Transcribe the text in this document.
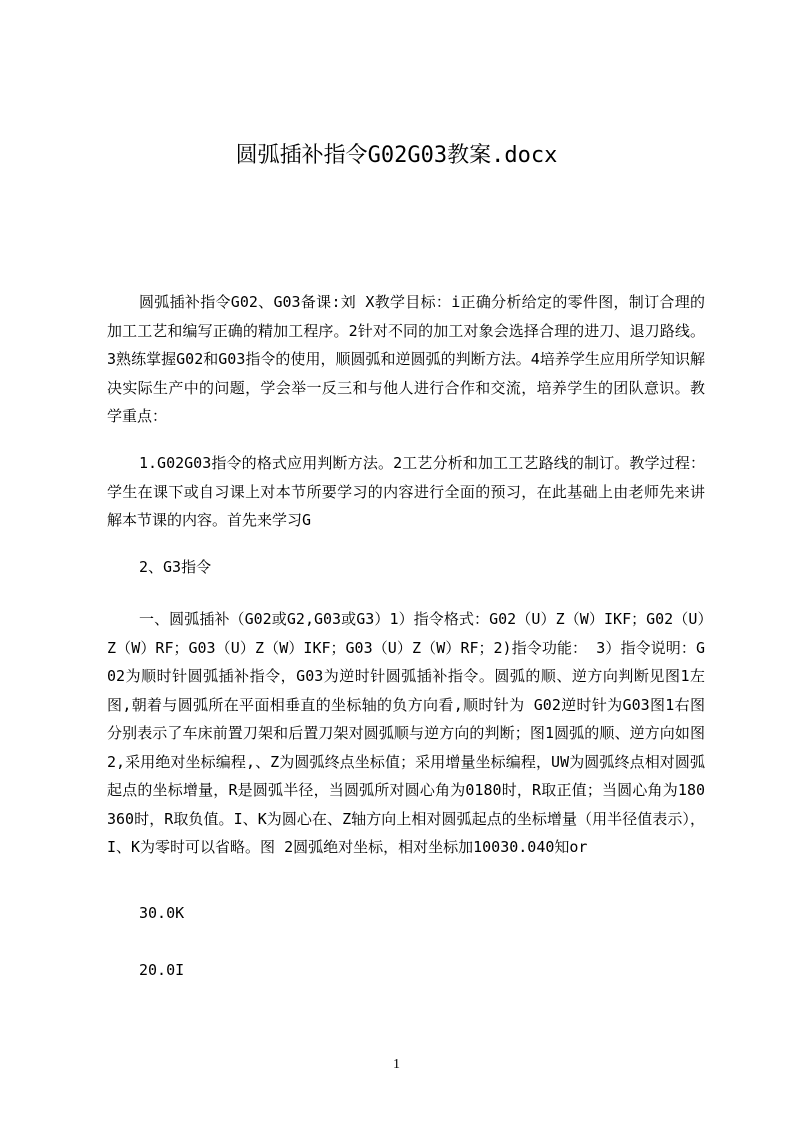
圆弧插补指令G02G03教案.docx

圆弧插补指令G02、G03备课:刘 X教学目标：i正确分析给定的零件图，制订合理的加工工艺和编写正确的精加工程序。2针对不同的加工对象会选择合理的进刀、退刀路线。3熟练掌握G02和G03指令的使用，顺圆弧和逆圆弧的判断方法。4培养学生应用所学知识解决实际生产中的问题，学会举一反三和与他人进行合作和交流，培养学生的团队意识。教学重点：

1.G02G03指令的格式应用判断方法。2工艺分析和加工工艺路线的制订。教学过程：学生在课下或自习课上对本节所要学习的内容进行全面的预习，在此基础上由老师先来讲解本节课的内容。首先来学习G

2、G3指令

一、圆弧插补（G02或G2,G03或G3）1）指令格式：G02（U）Z（W）IKF；G02（U）Z（W）RF；G03（U）Z（W）IKF；G03（U）Z（W）RF；2)指令功能： 3）指令说明：G02为顺时针圆弧插补指令，G03为逆时针圆弧插补指令。圆弧的顺、逆方向判断见图1左图,朝着与圆弧所在平面相垂直的坐标轴的负方向看,顺时针为 G02逆时针为G03图1右图分别表示了车床前置刀架和后置刀架对圆弧顺与逆方向的判断；图1圆弧的顺、逆方向如图2,采用绝对坐标编程,、Z为圆弧终点坐标值；采用增量坐标编程，UW为圆弧终点相对圆弧起点的坐标增量，R是圆弧半径，当圆弧所对圆心角为0180时，R取正值；当圆心角为180360时，R取负值。I、K为圆心在、Z轴方向上相对圆弧起点的坐标增量（用半径值表示），I、K为零时可以省略。图 2圆弧绝对坐标，相对坐标加10030.040知or

30.0K

20.0I

1
